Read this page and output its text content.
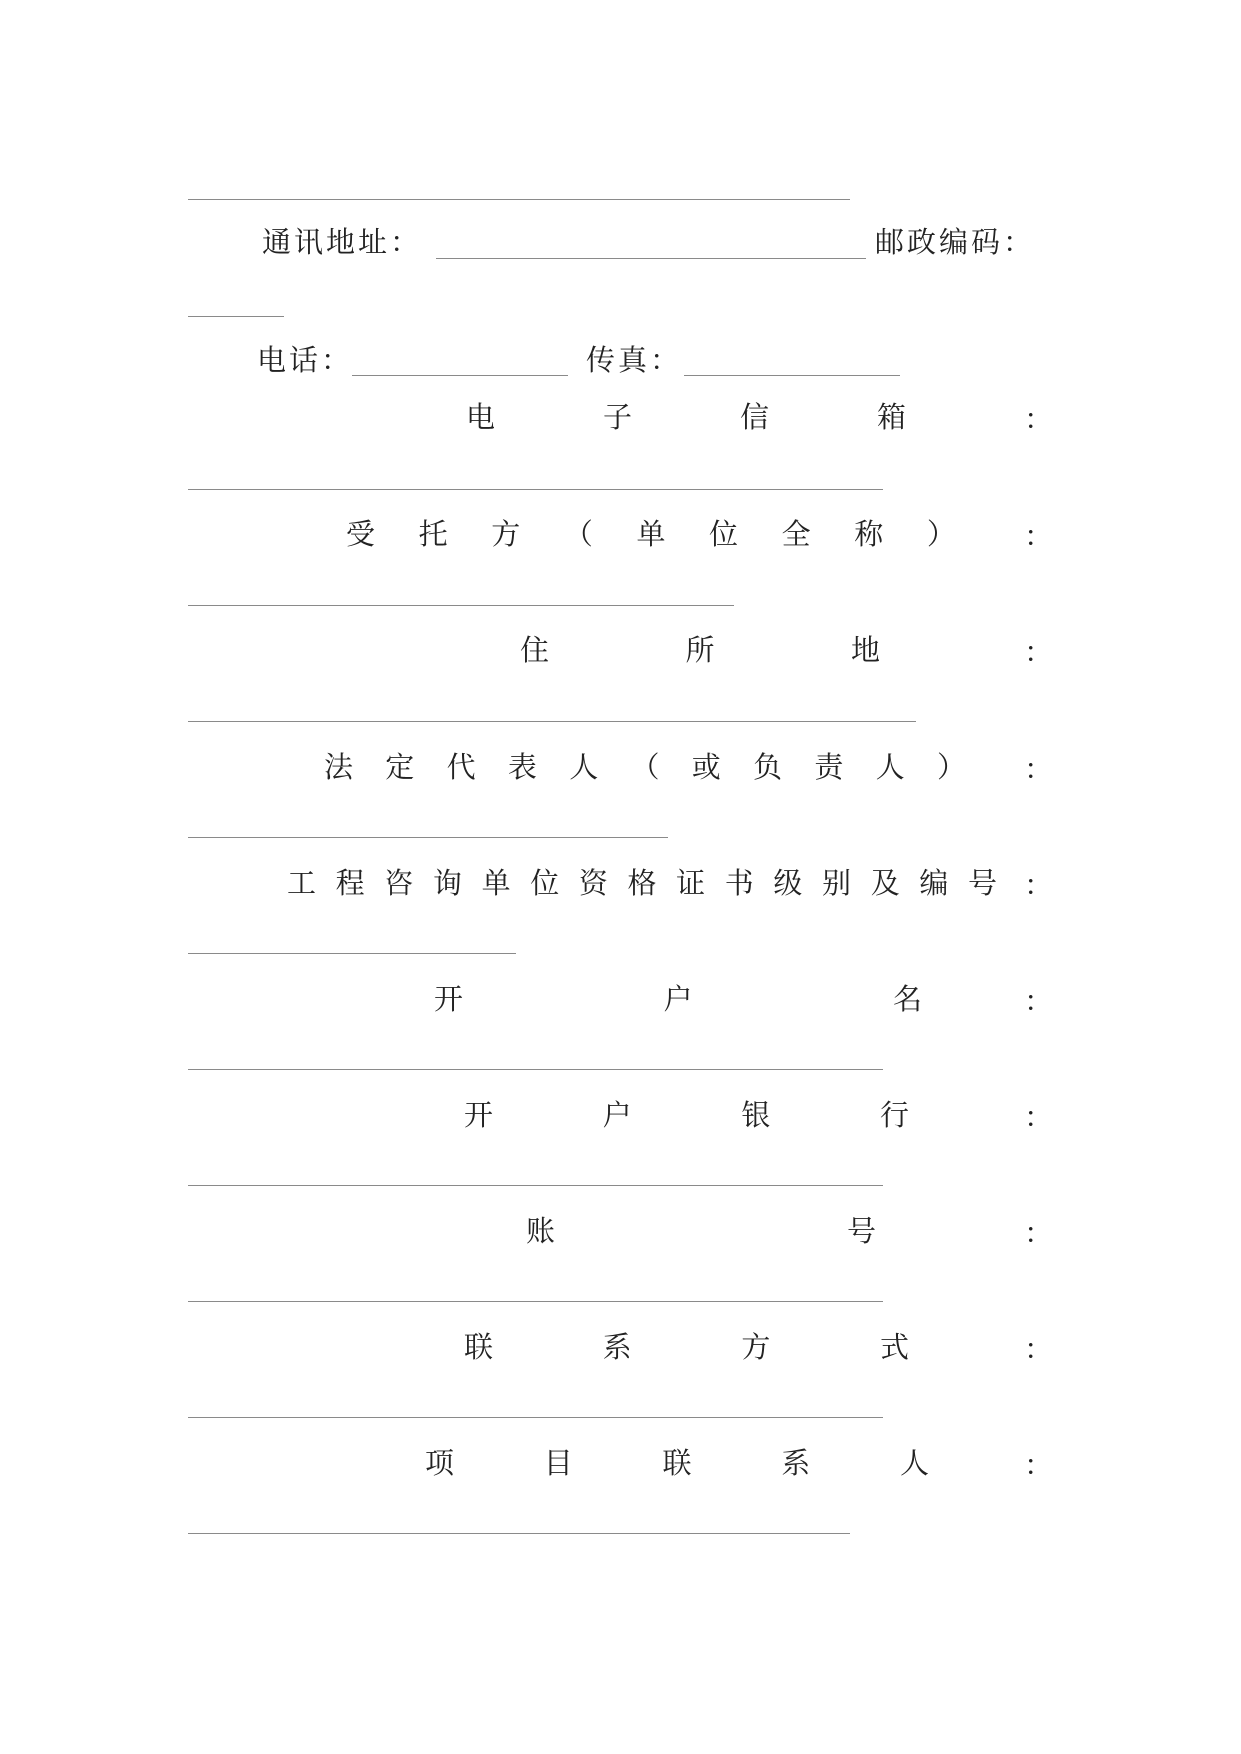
通讯地址：	邮政编码：
电话：	传真：
电	子	信	箱	：
受 托 方 （ 单 位 全 称 ） ：
住	所	地	：
法 定 代 表 人 （ 或 负 责 人 ） ：
工 程 咨 询 单 位 资 格 证 书 级 别 及 编 号 ：
开	户	名	：
开	户	银	行	：
账	号	：
联	系	方	式	：
项	目	联	系	人	：
